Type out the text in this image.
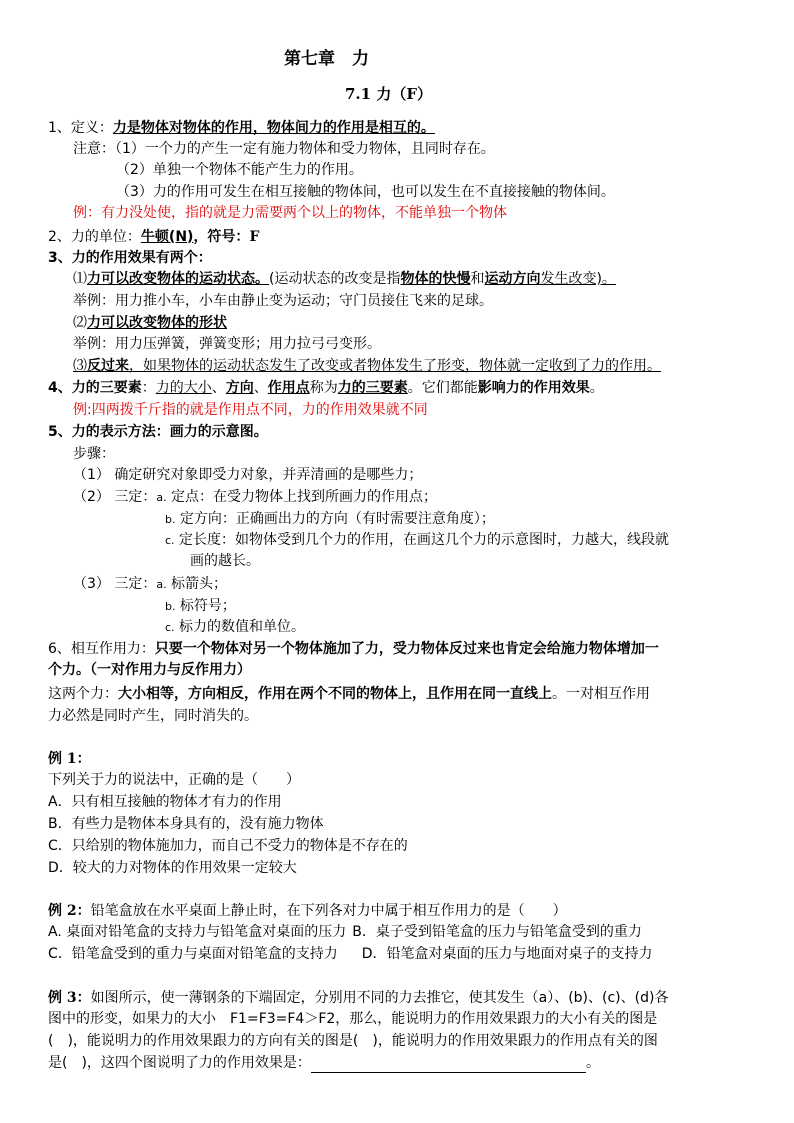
第七章　力
7.1 力（F）
1、定义：力是物体对物体的作用，物体间力的作用是相互的。
注意：（1）一个力的产生一定有施力物体和受力物体，且同时存在。
（2）单独一个物体不能产生力的作用。
（3）力的作用可发生在相互接触的物体间，也可以发生在不直接接触的物体间。
例：有力没处使，指的就是力需要两个以上的物体，不能单独一个物体
2、力的单位：牛顿(N)，符号：F
3、力的作用效果有两个：
⑴力可以改变物体的运动状态。(运动状态的改变是指物体的快慢和运动方向发生改变)。
举例：用力推小车，小车由静止变为运动；守门员接住飞来的足球。
⑵力可以改变物体的形状
举例：用力压弹簧，弹簧变形；用力拉弓弓变形。
⑶反过来，如果物体的运动状态发生了改变或者物体发生了形变，物体就一定收到了力的作用。
4、力的三要素：力的大小、方向、作用点称为力的三要素。它们都能影响力的作用效果。
例:四两拨千斤指的就是作用点不同，力的作用效果就不同
5、力的表示方法：画力的示意图。
步骤：
（1） 确定研究对象即受力对象，并弄清画的是哪些力；
（2） 三定：a. 定点：在受力物体上找到所画力的作用点；
b. 定方向：正确画出力的方向（有时需要注意角度）；
c. 定长度：如物体受到几个力的作用，在画这几个力的示意图时，力越大，线段就
画的越长。
（3） 三定：a. 标箭头；
b. 标符号；
c. 标力的数值和单位。
6、相互作用力：只要一个物体对另一个物体施加了力，受力物体反过来也肯定会给施力物体增加一
个力。（一对作用力与反作用力）
这两个力：大小相等，方向相反，作用在两个不同的物体上，且作用在同一直线上。一对相互作用
力必然是同时产生，同时消失的。
例 1：
下列关于力的说法中，正确的是（　　）
A．只有相互接触的物体才有力的作用
B．有些力是物体本身具有的，没有施力物体
C．只给别的物体施加力，而自己不受力的物体是不存在的
D．较大的力对物体的作用效果一定较大
例 2：铅笔盒放在水平桌面上静止时，在下列各对力中属于相互作用力的是（　　）
A. 桌面对铅笔盒的支持力与铅笔盒对桌面的压力 B．桌子受到铅笔盒的压力与铅笔盒受到的重力
C．铅笔盒受到的重力与桌面对铅笔盒的支持力 D．铅笔盒对桌面的压力与地面对桌子的支持力
例 3：如图所示，使一薄钢条的下端固定，分别用不同的力去推它，使其发生（a）、(b)、(c)、(d)各
图中的形变，如果力的大小　F1=F3=F4＞F2，那么，能说明力的作用效果跟力的大小有关的图是
(　)，能说明力的作用效果跟力的方向有关的图是(　)，能说明力的作用效果跟力的作用点有关的图
是(　)，这四个图说明了力的作用效果是：	。
